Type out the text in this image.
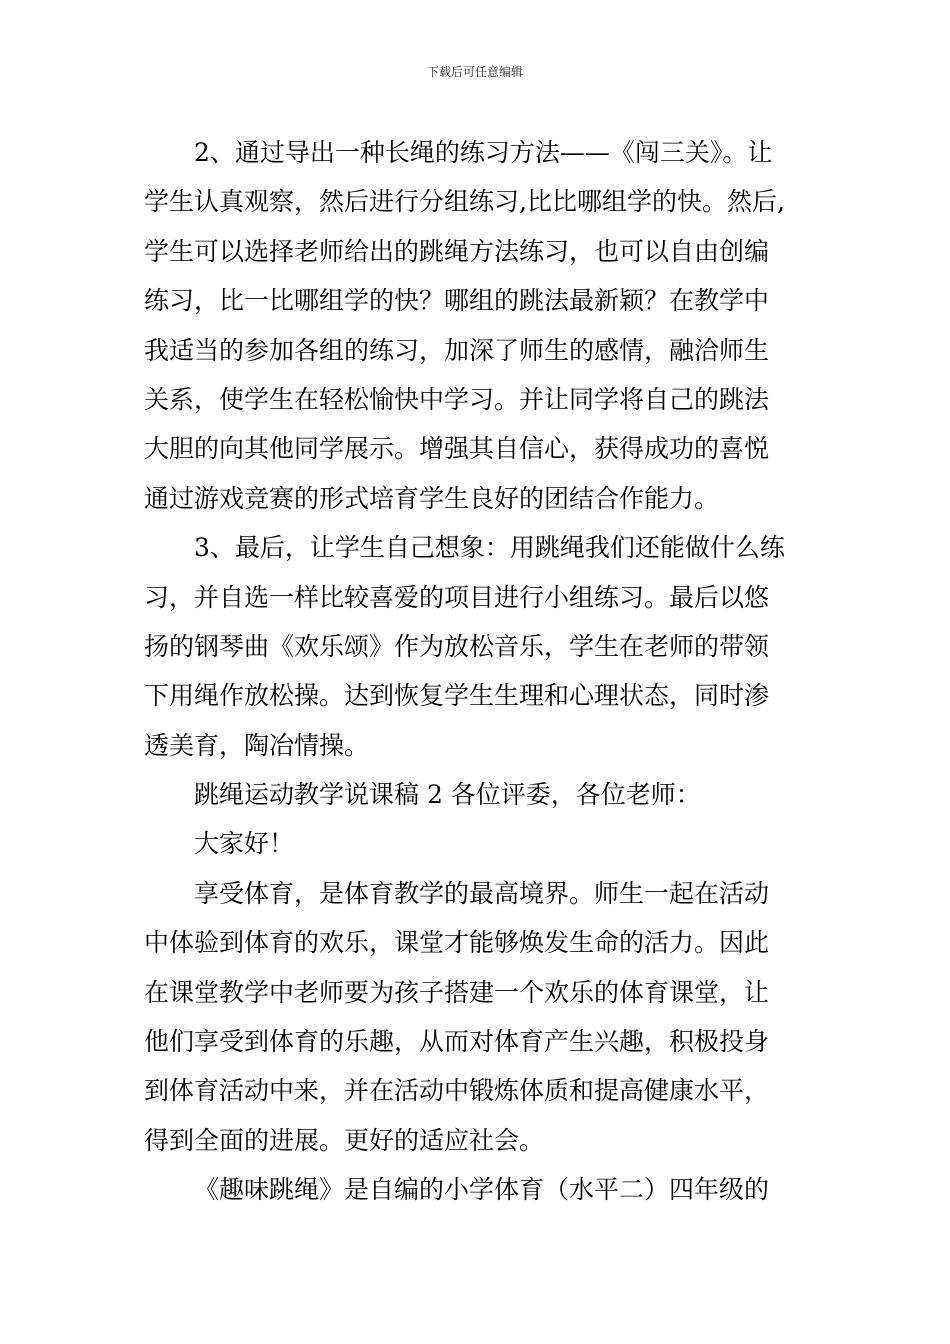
下载后可任意编辑
2、通过导出一种长绳的练习方法——《闯三关》。让
学生认真观察，然后进行分组练习,比比哪组学的快。然后,
学生可以选择老师给出的跳绳方法练习，也可以自由创编
练习，比一比哪组学的快？哪组的跳法最新颖？在教学中
我适当的参加各组的练习，加深了师生的感情，融洽师生
关系，使学生在轻松愉快中学习。并让同学将自己的跳法
大胆的向其他同学展示。增强其自信心，获得成功的喜悦
通过游戏竞赛的形式培育学生良好的团结合作能力。
3、最后，让学生自己想象：用跳绳我们还能做什么练
习，并自选一样比较喜爱的项目进行小组练习。最后以悠
扬的钢琴曲《欢乐颂》作为放松音乐，学生在老师的带领
下用绳作放松操。达到恢复学生生理和心理状态，同时渗
透美育，陶冶情操。
跳绳运动教学说课稿 2 各位评委，各位老师：
大家好！
享受体育，是体育教学的最高境界。师生一起在活动
中体验到体育的欢乐，课堂才能够焕发生命的活力。因此
在课堂教学中老师要为孩子搭建一个欢乐的体育课堂，让
他们享受到体育的乐趣，从而对体育产生兴趣，积极投身
到体育活动中来，并在活动中锻炼体质和提高健康水平，
得到全面的进展。更好的适应社会。
《趣味跳绳》是自编的小学体育（水平二）四年级的
